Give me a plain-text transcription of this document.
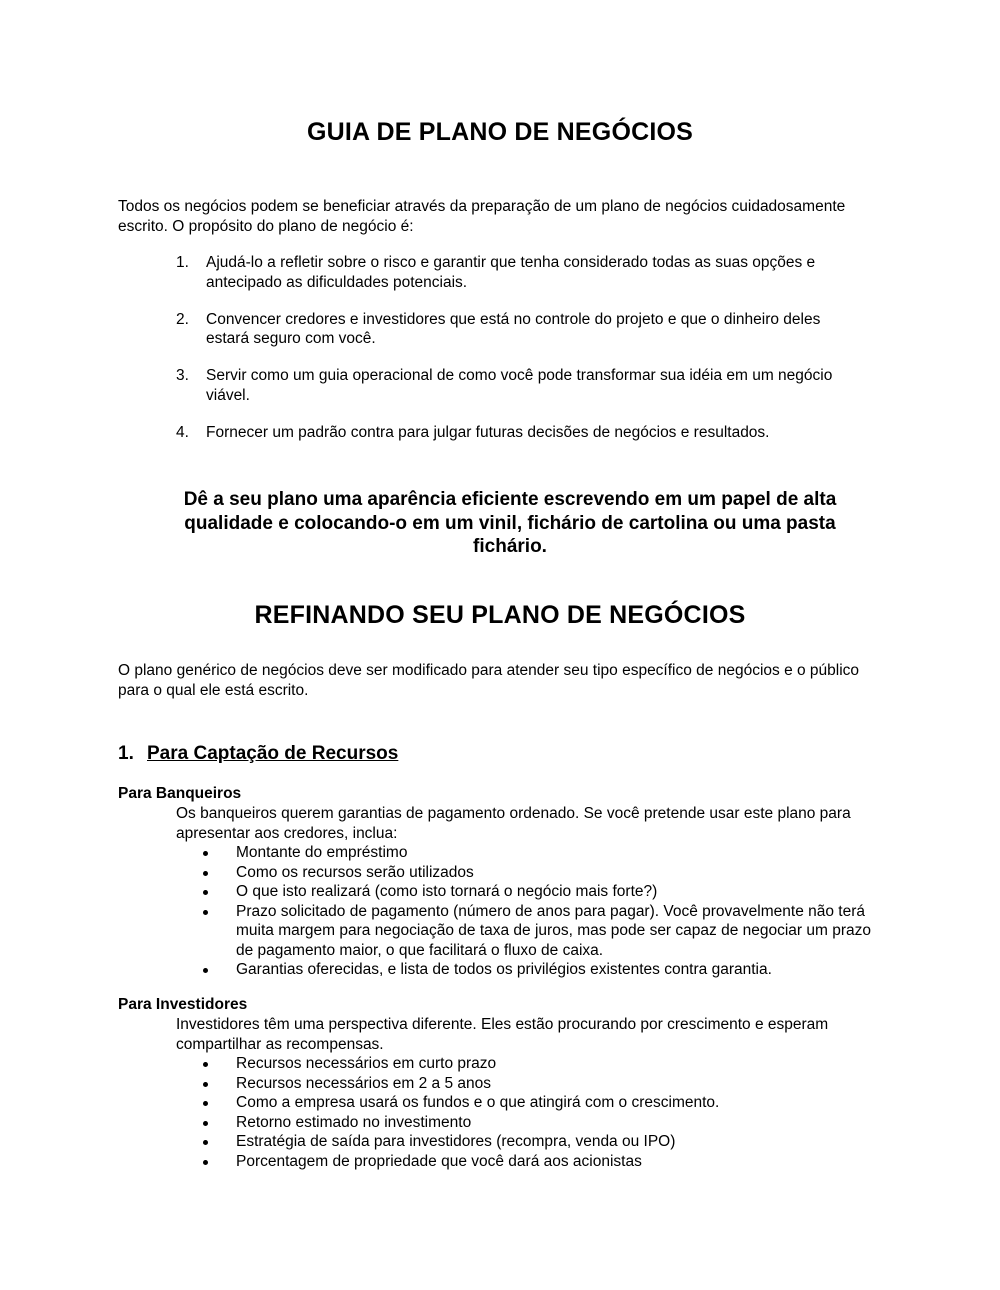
GUIA DE PLANO DE NEGÓCIOS

Todos os negócios podem se beneficiar através da preparação de um plano de negócios cuidadosamente escrito. O propósito do plano de negócio é:

1. Ajudá-lo a refletir sobre o risco e garantir que tenha considerado todas as suas opções e antecipado as dificuldades potenciais.
2. Convencer credores e investidores que está no controle do projeto e que o dinheiro deles estará seguro com você.
3. Servir como um guia operacional de como você pode transformar sua idéia em um negócio viável.
4. Fornecer um padrão contra para julgar futuras decisões de negócios e resultados.

Dê a seu plano uma aparência eficiente escrevendo em um papel de alta qualidade e colocando-o em um vinil, fichário de cartolina ou uma pasta fichário.

REFINANDO SEU PLANO DE NEGÓCIOS

O plano genérico de negócios deve ser modificado para atender seu tipo específico de negócios e o público para o qual ele está escrito.

1. Para Captação de Recursos
Para Banqueiros

Os banqueiros querem garantias de pagamento ordenado. Se você pretende usar este plano para apresentar aos credores, inclua:

Montante do empréstimo
Como os recursos serão utilizados
O que isto realizará (como isto tornará o negócio mais forte?)
Prazo solicitado de pagamento (número de anos para pagar). Você provavelmente não terá muita margem para negociação de taxa de juros, mas pode ser capaz de negociar um prazo de pagamento maior, o que facilitará o fluxo de caixa.
Garantias oferecidas, e lista de todos os privilégios existentes contra garantia.
Para Investidores

Investidores têm uma perspectiva diferente. Eles estão procurando por crescimento e esperam compartilhar as recompensas.

Recursos necessários em curto prazo
Recursos necessários em 2 a 5 anos
Como a empresa usará os fundos e o que atingirá com o crescimento.
Retorno estimado no investimento
Estratégia de saída para investidores (recompra, venda ou IPO)
Porcentagem de propriedade que você dará aos acionistas
